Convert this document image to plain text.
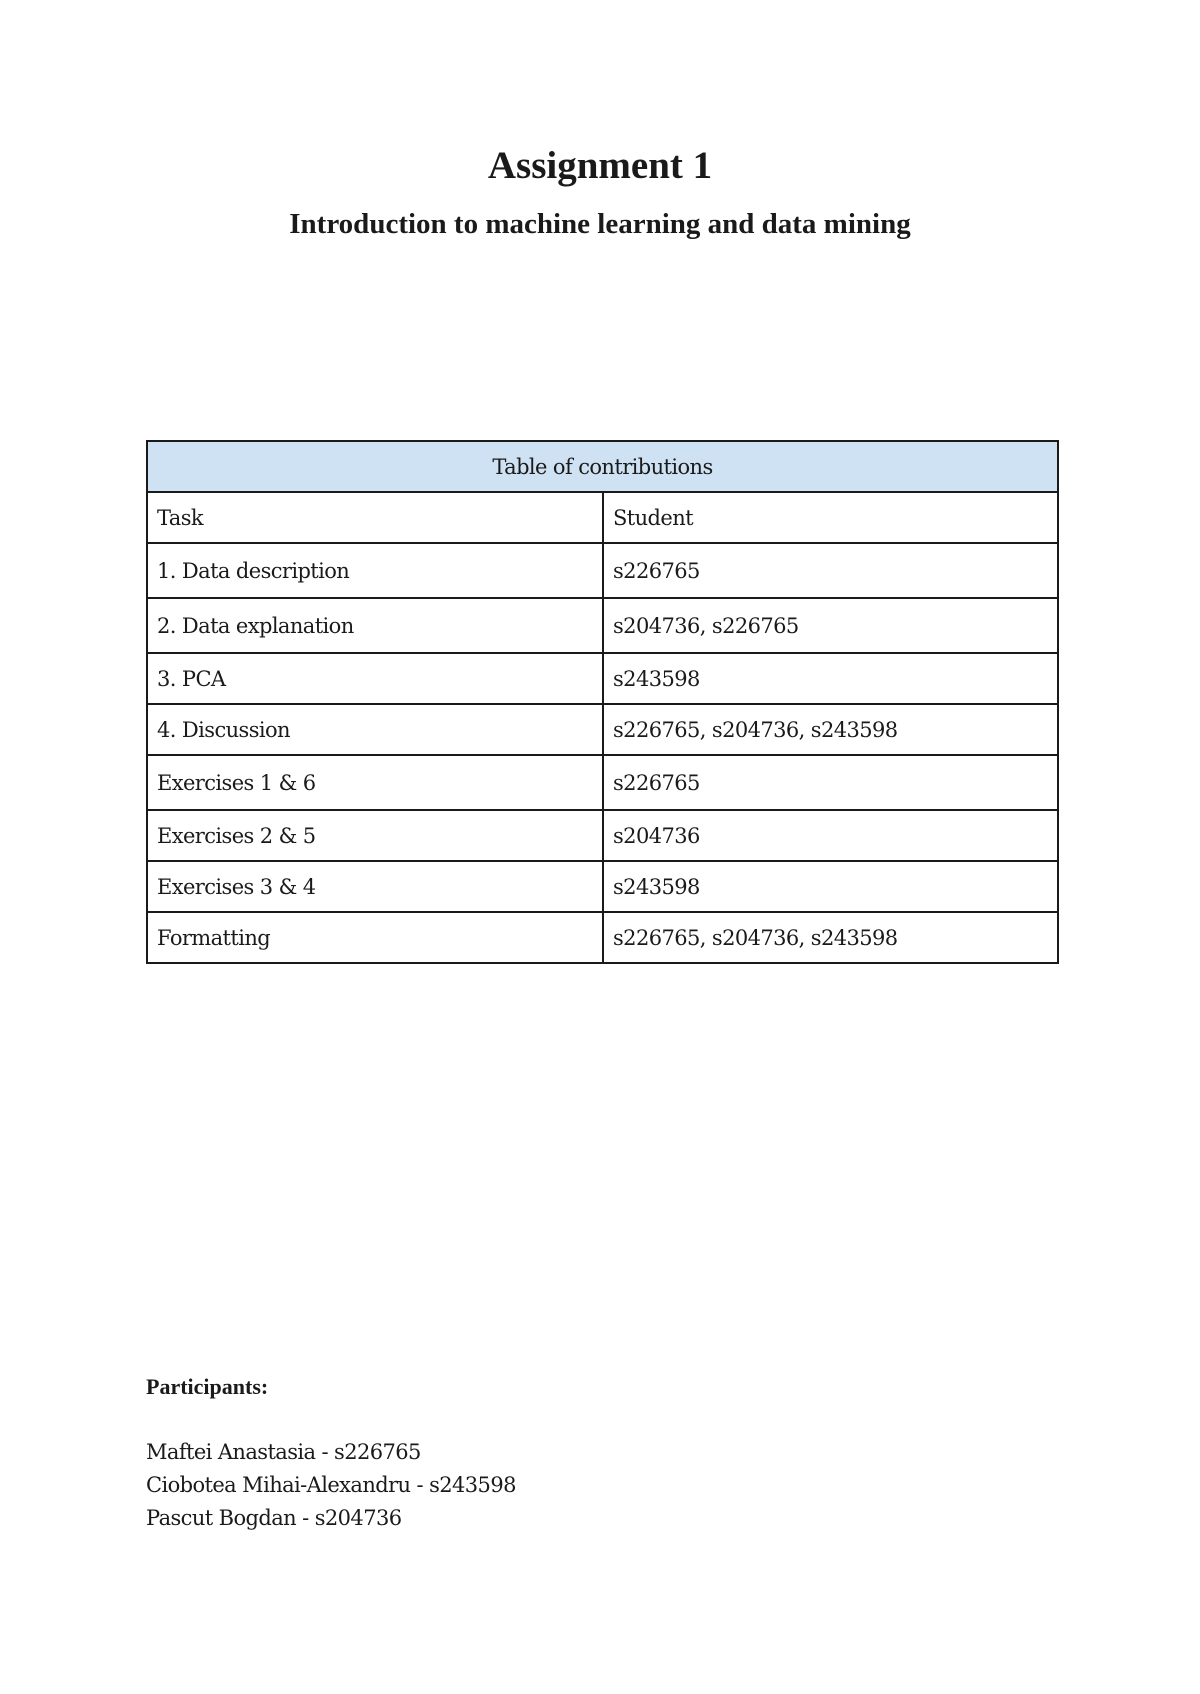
Assignment 1
Introduction to machine learning and data mining
Table of contributions	
Task	Student
1. Data description	s226765
2. Data explanation	s204736, s226765
3. PCA	s243598
4. Discussion	s226765, s204736, s243598
Exercises 1 & 6	s226765
Exercises 2 & 5	s204736
Exercises 3 & 4	s243598
Formatting	s226765, s204736, s243598
Participants:
Maftei Anastasia - s226765
Ciobotea Mihai-Alexandru - s243598
Pascut Bogdan - s204736
